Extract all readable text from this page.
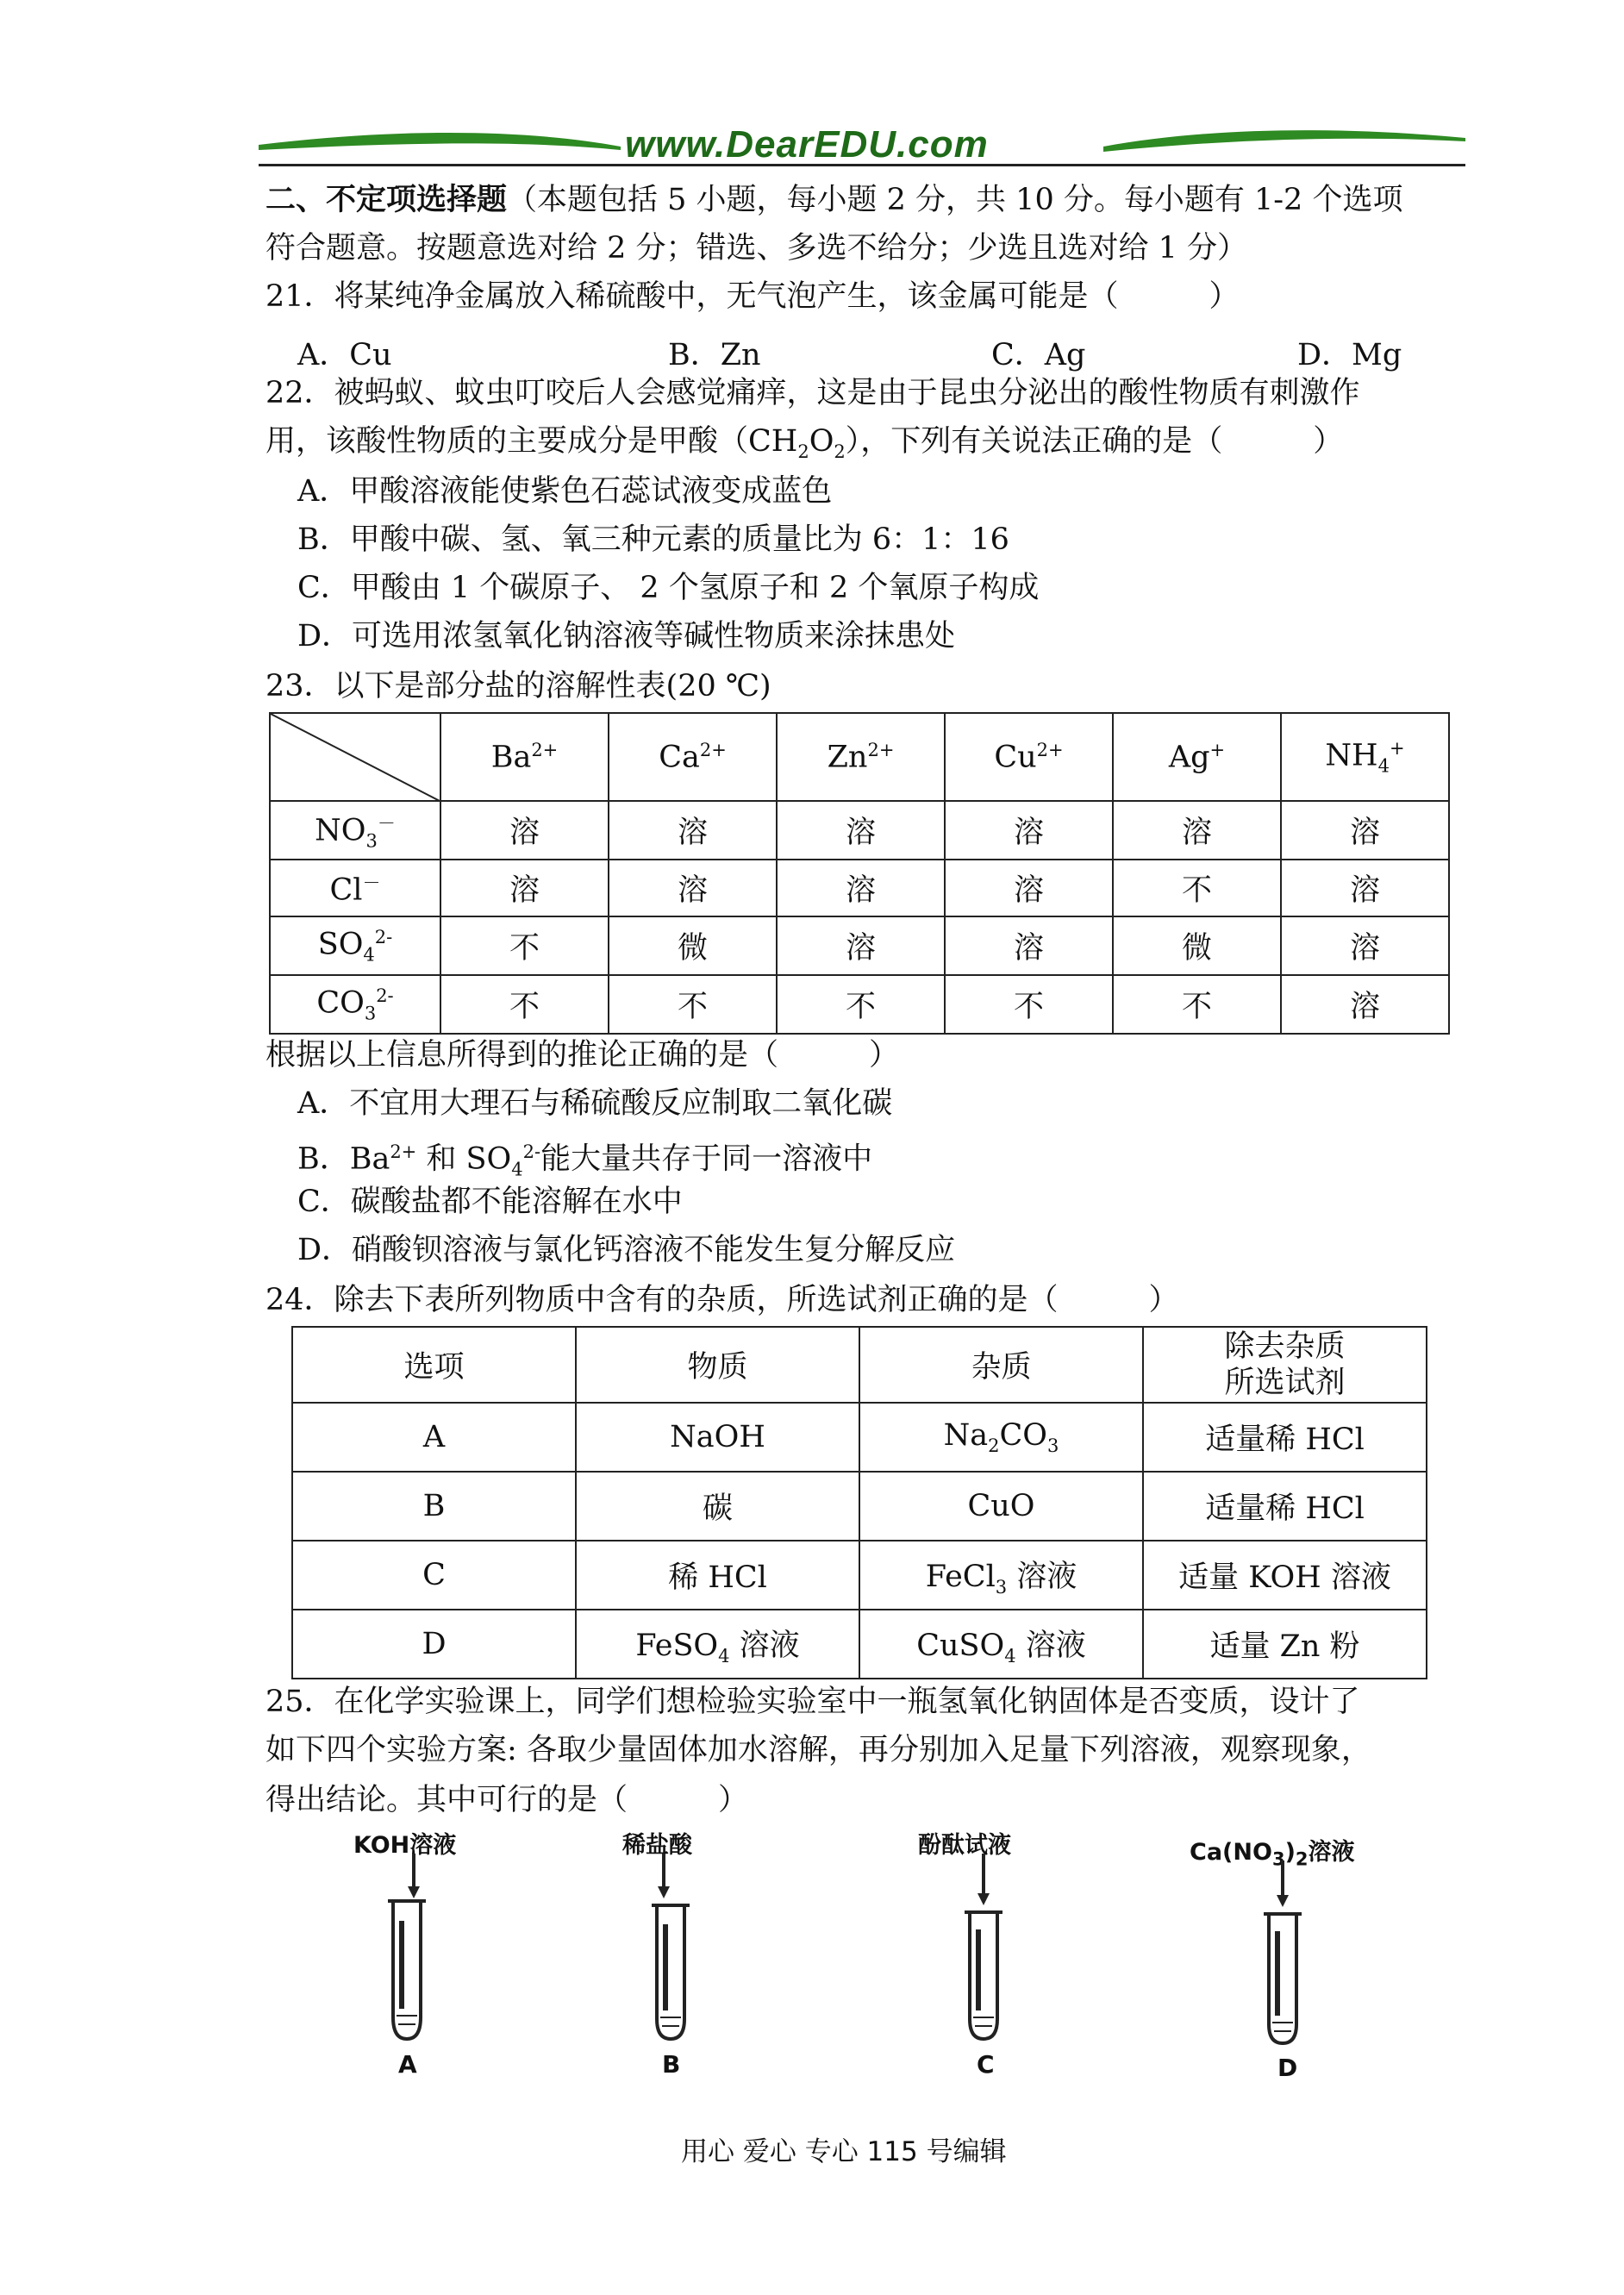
www.DearEDU.com
二、不定项选择题（本题包括 5 小题，每小题 2 分，共 10 分。每小题有 1-2 个选项
符合题意。按题意选对给 2 分；错选、多选不给分；少选且选对给 1 分）
21．将某纯净金属放入稀硫酸中，无气泡产生，该金属可能是（　　　）
A．Cu	B．Zn	C．Ag	D．Mg
22．被蚂蚁、蚊虫叮咬后人会感觉痛痒，这是由于昆虫分泌出的酸性物质有刺激作
用，该酸性物质的主要成分是甲酸$(CH_2O_2)$，下列有关说法正确的是（　　　）
A．甲酸溶液能使紫色石蕊试液变成蓝色
B．甲酸中碳、氢、氧三种元素的质量比为 6：1：16
C．甲酸由 1 个碳原子、 2 个氢原子和 2 个氧原子构成
D．可选用浓氢氧化钠溶液等碱性物质来涂抹患处
23．以下是部分盐的溶解性表(20 ℃)
	$Ba^{2+}$	$Ca^{2+}$	$Zn^{2+}$	$Cu^{2+}$	Ag+	$NH_4^+$
$NO_3^-$	溶	溶	溶	溶	溶	溶
Cl－	溶	溶	溶	溶	不	溶
$SO_4^{2-}$	不	微	溶	溶	微	溶
$CO_3^{2-}$	不	不	不	不	不	溶
根据以上信息所得到的推论正确的是（　　　）
A．不宜用大理石与稀硫酸反应制取二氧化碳
B．$Ba^{2+}$ 和 $SO_4^{2-}$能大量共存于同一溶液中
C．碳酸盐都不能溶解在水中
D．硝酸钡溶液与氯化钙溶液不能发生复分解反应
24．除去下表所列物质中含有的杂质，所选试剂正确的是（　　　）
选项	物质	杂质	除去杂质
所选试剂
A	NaOH	$Na_2CO_3$	适量稀 HCl
B	碳	CuO	适量稀 HCl
C	稀 HCl	FeCl$_3$ 溶液	适量 KOH 溶液
D	FeSO$_4$ 溶液	CuSO$_4$ 溶液	适量 Zn 粉
25．在化学实验课上，同学们想检验实验室中一瓶氢氧化钠固体是否变质，设计了
如下四个实验方案: 各取少量固体加水溶解，再分别加入足量下列溶液，观察现象，
得出结论。其中可行的是（　　　）
KOH溶液	稀盐酸	酚酞试液	$Ca(NO_3)_2$溶液
A	B	C	D
用心 爱心 专心 115 号编辑
